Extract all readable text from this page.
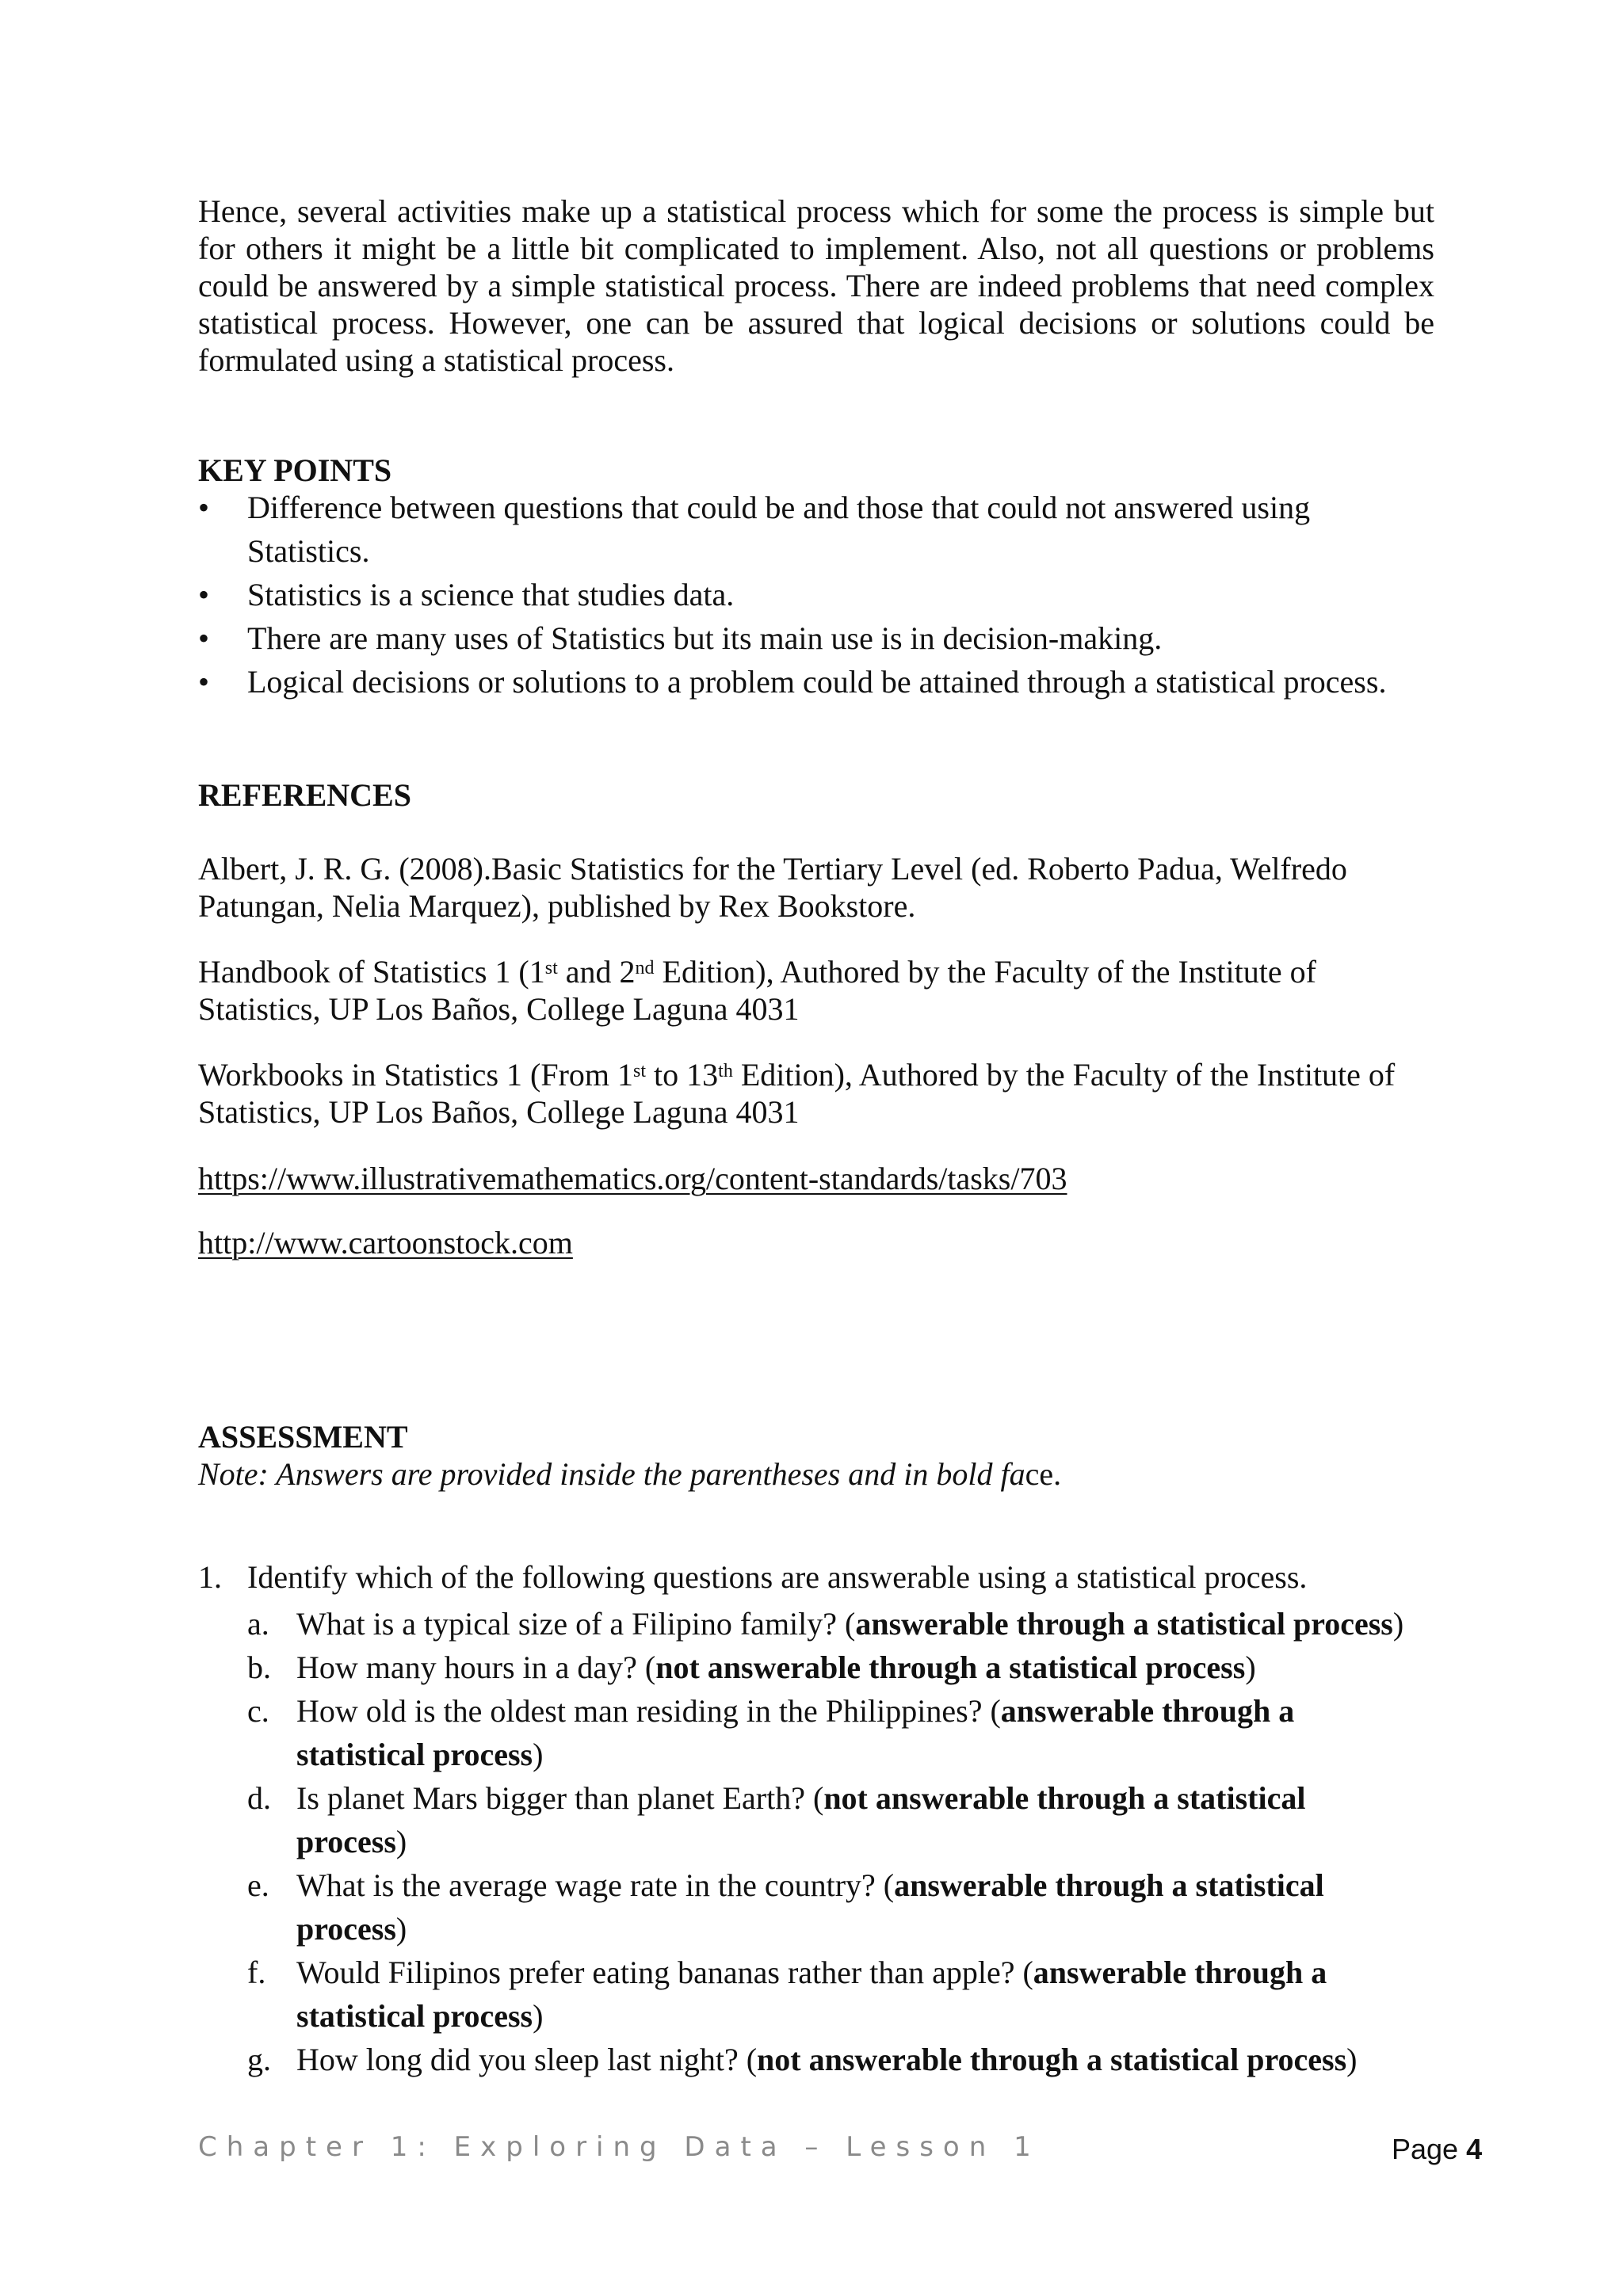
Hence, several activities make up a statistical process which for some the process is simple but for others it might be a little bit complicated to implement. Also, not all questions or problems could be answered by a simple statistical process. There are indeed problems that need complex statistical process. However, one can be assured that logical decisions or solutions could be formulated using a statistical process.

KEY POINTS
•	Difference between questions that could be and those that could not answered using Statistics.
•	Statistics is a science that studies data.
•	There are many uses of Statistics but its main use is in decision-making.
•	Logical decisions or solutions to a problem could be attained through a statistical process.
REFERENCES
Albert, J. R. G. (2008).Basic Statistics for the Tertiary Level (ed. Roberto Padua, Welfredo Patungan, Nelia Marquez), published by Rex Bookstore.
Handbook of Statistics 1 (1st and 2nd Edition), Authored by the Faculty of the Institute of Statistics, UP Los Baños, College Laguna 4031
Workbooks in Statistics 1 (From 1st to 13th Edition), Authored by the Faculty of the Institute of Statistics, UP Los Baños, College Laguna 4031
https://www.illustrativemathematics.org/content-standards/tasks/703
http://www.cartoonstock.com
ASSESSMENT
Note: Answers are provided inside the parentheses and in bold face.
1. Identify which of the following questions are answerable using a statistical process.
a. What is a typical size of a Filipino family? (answerable through a statistical process)
b. How many hours in a day? (not answerable through a statistical process)
c. How old is the oldest man residing in the Philippines? (answerable through a statistical process)
d. Is planet Mars bigger than planet Earth? (not answerable through a statistical process)
e. What is the average wage rate in the country? (answerable through a statistical process)
f. Would Filipinos prefer eating bananas rather than apple? (answerable through a statistical process)
g. How long did you sleep last night? (not answerable through a statistical process)
Chapter 1: Exploring Data – Lesson 1	Page 4
